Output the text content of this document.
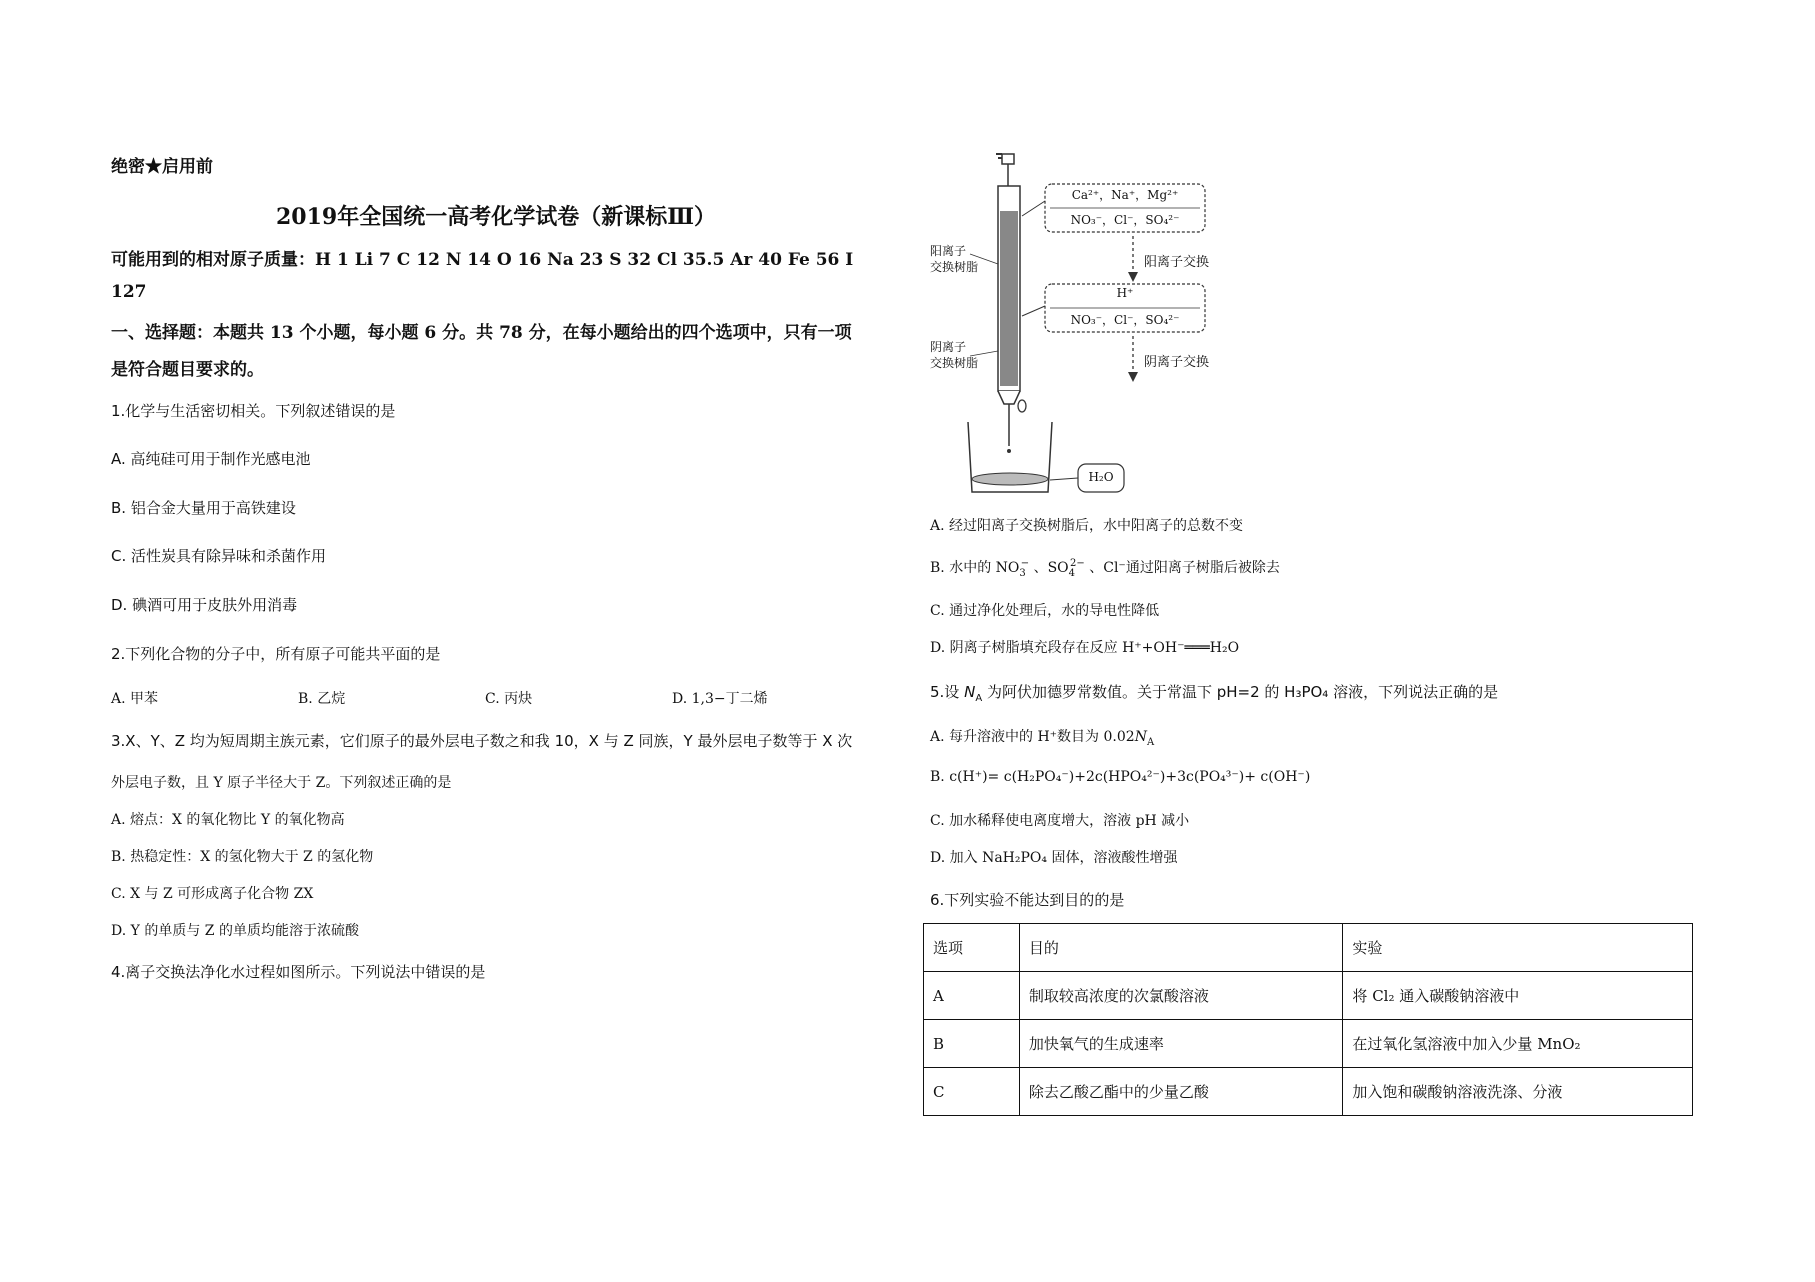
绝密★启用前
2019年全国统一高考化学试卷（新课标Ⅲ）
可能用到的相对原子质量：H 1 Li 7 C 12 N 14 O 16 Na 23 S 32 Cl 35.5 Ar 40 Fe 56 I
127
一、选择题：本题共 13 个小题，每小题 6 分。共 78 分，在每小题给出的四个选项中，只有一项
是符合题目要求的。
1.化学与生活密切相关。下列叙述错误的是
A. 高纯硅可用于制作光感电池
B. 铝合金大量用于高铁建设
C. 活性炭具有除异味和杀菌作用
D. 碘酒可用于皮肤外用消毒
2.下列化合物的分子中，所有原子可能共平面的是
A. 甲苯	B. 乙烷	C. 丙炔	D. 1,3−丁二烯
3.X、Y、Z 均为短周期主族元素，它们原子的最外层电子数之和我 10，X 与 Z 同族，Y 最外层电子数等于 X 次
外层电子数，且 Y 原子半径大于 Z。下列叙述正确的是
A. 熔点：X 的氧化物比 Y 的氧化物高
B. 热稳定性：X 的氢化物大于 Z 的氢化物
C. X 与 Z 可形成离子化合物 ZX
D. Y 的单质与 Z 的单质均能溶于浓硫酸
4.离子交换法净化水过程如图所示。下列说法中错误的是
Ca²⁺，Na⁺，Mg²⁺
NO₃⁻，Cl⁻，SO₄²⁻
阳离子
交换树脂	阳离子交换
H⁺
NO₃⁻，Cl⁻，SO₄²⁻
阴离子
交换树脂	阴离子交换
H₂O
A. 经过阳离子交换树脂后，水中阳离子的总数不变
B. 水中的 $NO_3^-$ 、$SO_4^{2-}$ 、Cl⁻通过阳离子树脂后被除去
C. 通过净化处理后，水的导电性降低
D. 阴离子树脂填充段存在反应 H⁺+OH⁻═══H₂O
5.设 $N_A$ 为阿伏加德罗常数值。关于常温下 pH=2 的 H₃PO₄ 溶液，下列说法正确的是
A. 每升溶液中的 H⁺数目为 $0.02N_A$
B. c(H⁺)= c(H₂PO₄⁻)+2c(HPO₄²⁻)+3c(PO₄³⁻)+ c(OH⁻)
C. 加水稀释使电离度增大，溶液 pH 减小
D. 加入 NaH₂PO₄ 固体，溶液酸性增强
6.下列实验不能达到目的的是
选项	目的	实验
A	制取较高浓度的次氯酸溶液	将 Cl₂ 通入碳酸钠溶液中
B	加快氧气的生成速率	在过氧化氢溶液中加入少量 MnO₂
C	除去乙酸乙酯中的少量乙酸	加入饱和碳酸钠溶液洗涤、分液
